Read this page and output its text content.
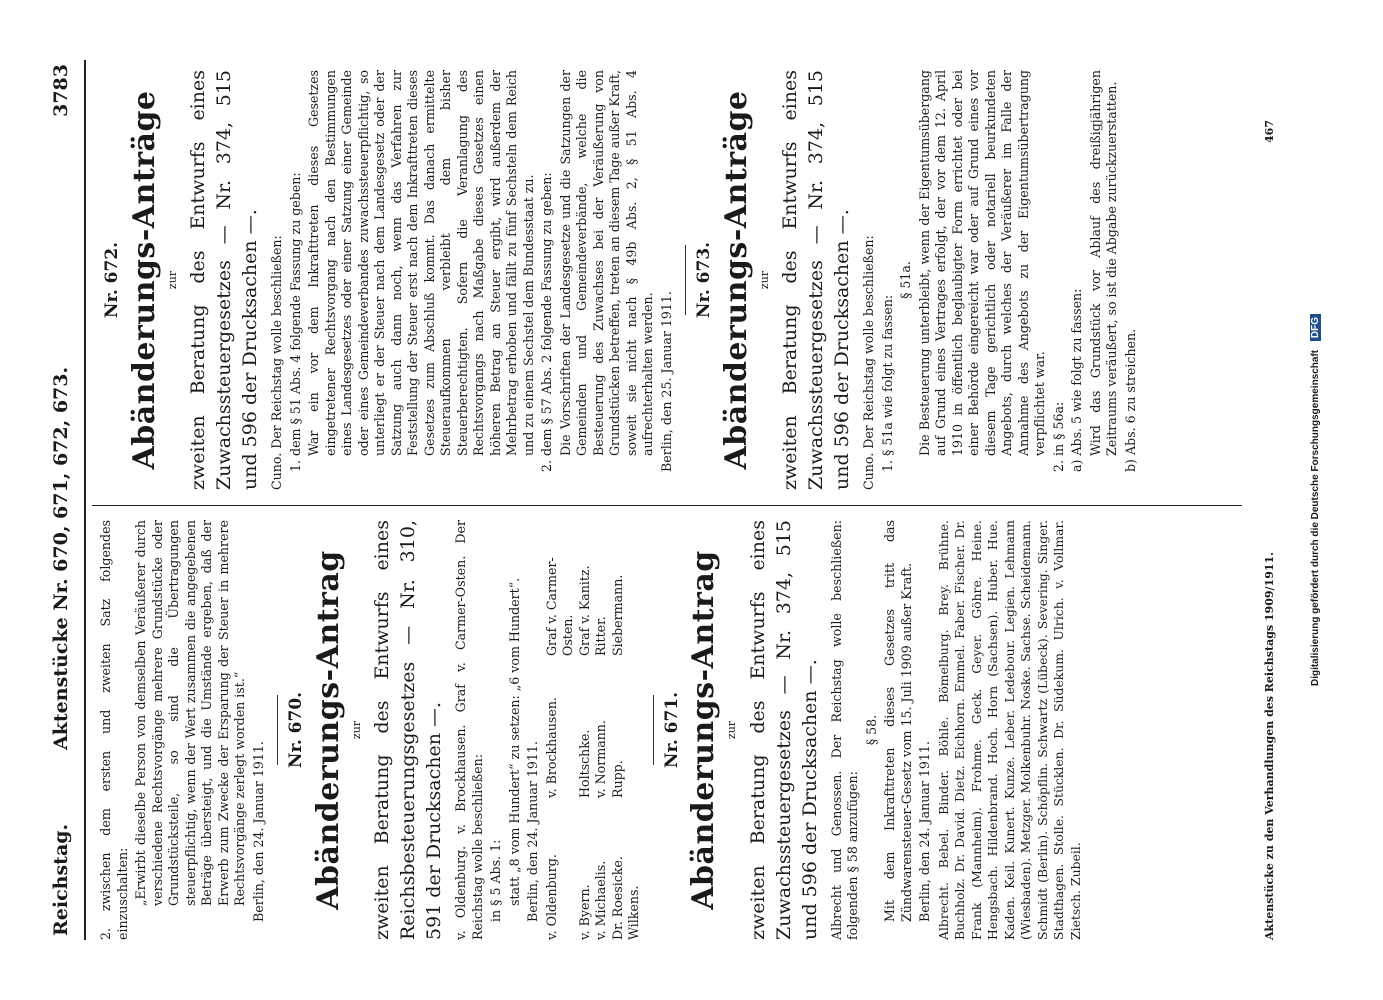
Reichstag.
Aktenstücke Nr. 670, 671, 672, 673.
3783

2. zwischen dem ersten und zweiten Satz folgendes einzuschalten: „Erwirbt dieselbe Person von demselben Veräußerer durch verschiedene Rechtsvorgänge mehrere Grundstücke oder Grundstücksteile, so sind die Übertragungen steuerpflichtig, wenn der Wert zusammen die angegebenen Beträge übersteigt, und die Umstände ergeben, daß der Erwerb zum Zwecke der Ersparung der Steuer in mehrere Rechtsvorgänge zerlegt worden ist.“ Berlin, den 24. Januar 1911.

Nr. 670. Abänderungs-Antrag zur zweiten Beratung des Entwurfs eines Reichsbesteuerungsgesetzes — Nr. 310, 591 der Drucksachen —. v. Oldenburg. v. Brockhausen. Graf v. Carmer-Osten. Der Reichstag wolle beschließen: in § 5 Abs. 1: statt „8 vom Hundert“ zu setzen: „6 vom Hundert“. Berlin, den 24. Januar 1911. v. Oldenburg.
v. Brockhausen.
Graf v. Carmer-Osten.
v. Byern.
Holtschke.
Graf v. Kanitz.
v. Michaelis.
v. Normann.
Ritter.
Dr. Roesicke.
Rupp.
Siebermann.
Wilkens.
Nr. 671. Abänderungs-Antrag zur zweiten Beratung des Entwurfs eines Zuwachssteuergesetzes — Nr. 374, 515 und 596 der Drucksachen —. Albrecht und Genossen. Der Reichstag wolle beschließen: folgenden § 58 anzufügen:

§ 58. Mit dem Inkrafttreten dieses Gesetzes tritt das Zündwarensteuer-Gesetz vom 15. Juli 1909 außer Kraft. Berlin, den 24. Januar 1911. Albrecht. Bebel. Binder. Böhle. Bömelburg. Brey. Brühne. Buchholz. Dr. David. Dietz. Eichhorn. Emmel. Faber. Fischer. Dr. Frank (Mannheim). Frohme. Geck. Geyer. Göhre. Heine. Hengsbach. Hildenbrand. Hoch. Horn (Sachsen). Huber. Hue. Kaden. Keil. Kunert. Kunze. Leber. Ledebour. Legien. Lehmann (Wiesbaden). Metzger. Molkenbuhr. Noske. Sachse. Scheidemann. Schmidt (Berlin). Schöpflin. Schwartz (Lübeck). Severing. Singer. Stadthagen. Stolle. Stücklen. Dr. Südekum. Ulrich. v. Vollmar. Zietsch. Zubeil.

Nr. 672. Abänderungs-Anträge zur zweiten Beratung des Entwurfs eines Zuwachssteuergesetzes — Nr. 374, 515 und 596 der Drucksachen —. Cuno. Der Reichstag wolle beschließen: 1. dem § 51 Abs. 4 folgende Fassung zu geben: War ein vor dem Inkrafttreten dieses Gesetzes eingetretener Rechtsvorgang nach den Bestimmungen eines Landesgesetzes oder einer Satzung einer Gemeinde oder eines Gemeindeverbandes zuwachssteuerpflichtig, so unterliegt er der Steuer nach dem Landesgesetz oder der Satzung auch dann noch, wenn das Verfahren zur Feststellung der Steuer erst nach dem Inkrafttreten dieses Gesetzes zum Abschluß kommt. Das danach ermittelte Steueraufkommen verbleibt dem bisher Steuerberechtigten. Sofern die Veranlagung des Rechtsvorgangs nach Maßgabe dieses Gesetzes einen höheren Betrag an Steuer ergibt, wird außerdem der Mehrbetrag erhoben und fällt zu fünf Sechsteln dem Reich und zu einem Sechstel dem Bundesstaat zu. 2. dem § 57 Abs. 2 folgende Fassung zu geben: Die Vorschriften der Landesgesetze und die Satzungen der Gemeinden und Gemeindeverbände, welche die Besteuerung des Zuwachses bei der Veräußerung von Grundstücken betreffen, treten an diesem Tage außer Kraft, soweit sie nicht nach § 49b Abs. 2, § 51 Abs. 4 aufrechterhalten werden. Berlin, den 25. Januar 1911.

Nr. 673. Abänderungs-Anträge zur zweiten Beratung des Entwurfs eines Zuwachssteuergesetzes — Nr. 374, 515 und 596 der Drucksachen —. Cuno. Der Reichstag wolle beschließen: 1. § 51a wie folgt zu fassen:

§ 51a. Die Besteuerung unterbleibt, wenn der Eigentumsübergang auf Grund eines Vertrages erfolgt, der vor dem 12. April 1910 in öffentlich beglaubigter Form errichtet oder bei einer Behörde eingereicht war oder auf Grund eines vor diesem Tage gerichtlich oder notariell beurkundeten Angebots, durch welches der Veräußerer im Falle der Annahme des Angebots zu der Eigentumsübertragung verpflichtet war. 2. in § 56a: a) Abs. 5 wie folgt zu fassen: Wird das Grundstück vor Ablauf des dreißigjährigen Zeitraums veräußert, so ist die Abgabe zurückzuerstatten. b) Abs. 6 zu streichen.

Aktenstücke zu den Verhandlungen des Reichstags 1909/1911.
467
Digitalisierung gefördert durch die Deutsche Forschungsgemeinschaft DFG
